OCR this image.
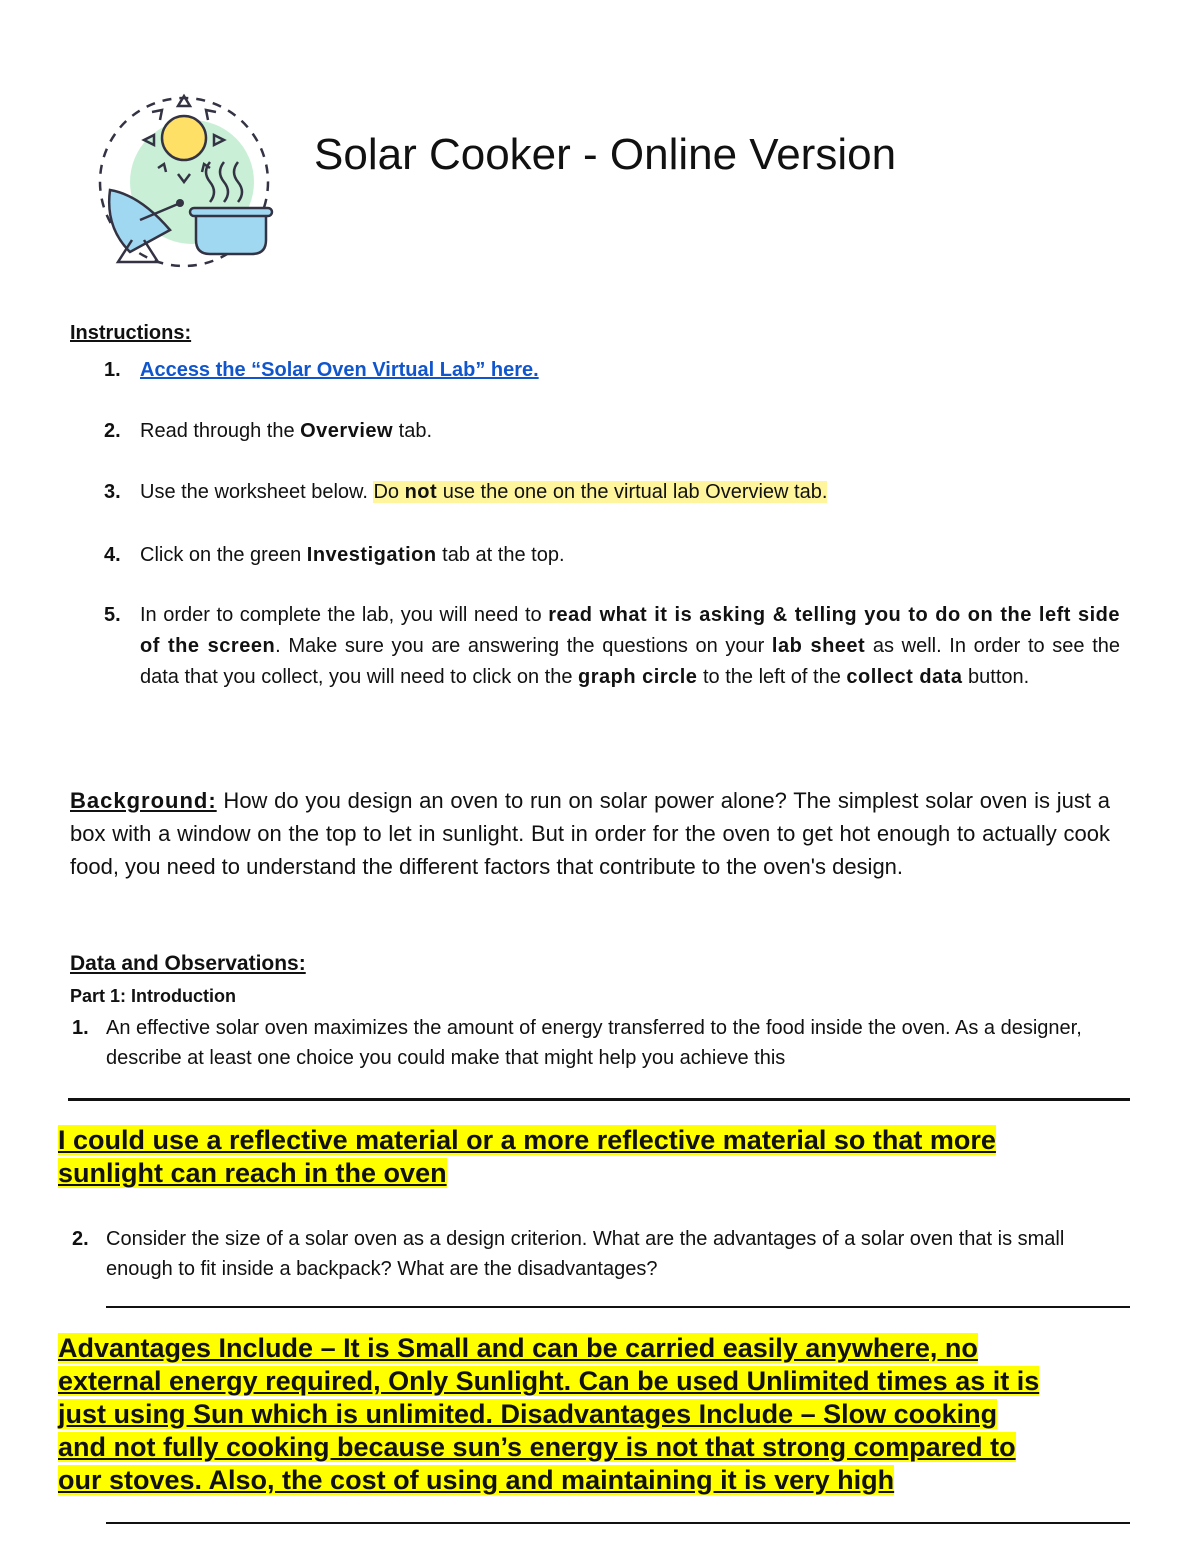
Solar Cooker - Online Version
Instructions:
1. Access the “Solar Oven Virtual Lab” here.
2. Read through the Overview tab.
3. Use the worksheet below. Do not use the one on the virtual lab Overview tab.
4. Click on the green Investigation tab at the top.
5. In order to complete the lab, you will need to read what it is asking & telling you to do on the left side of the screen. Make sure you are answering the questions on your lab sheet as well. In order to see the data that you collect, you will need to click on the graph circle to the left of the collect data button.
Background: How do you design an oven to run on solar power alone? The simplest solar oven is just a box with a window on the top to let in sunlight. But in order for the oven to get hot enough to actually cook food, you need to understand the different factors that contribute to the oven's design.
Data and Observations:
Part 1: Introduction
1. An effective solar oven maximizes the amount of energy transferred to the food inside the oven. As a designer, describe at least one choice you could make that might help you achieve this
I could use a reflective material or a more reflective material so that more
sunlight can reach in the oven
2. Consider the size of a solar oven as a design criterion. What are the advantages of a solar oven that is small enough to fit inside a backpack? What are the disadvantages?
Advantages Include – It is Small and can be carried easily anywhere, no
external energy required, Only Sunlight. Can be used Unlimited times as it is
just using Sun which is unlimited. Disadvantages Include – Slow cooking
and not fully cooking because sun’s energy is not that strong compared to
our stoves. Also, the cost of using and maintaining it is very high
